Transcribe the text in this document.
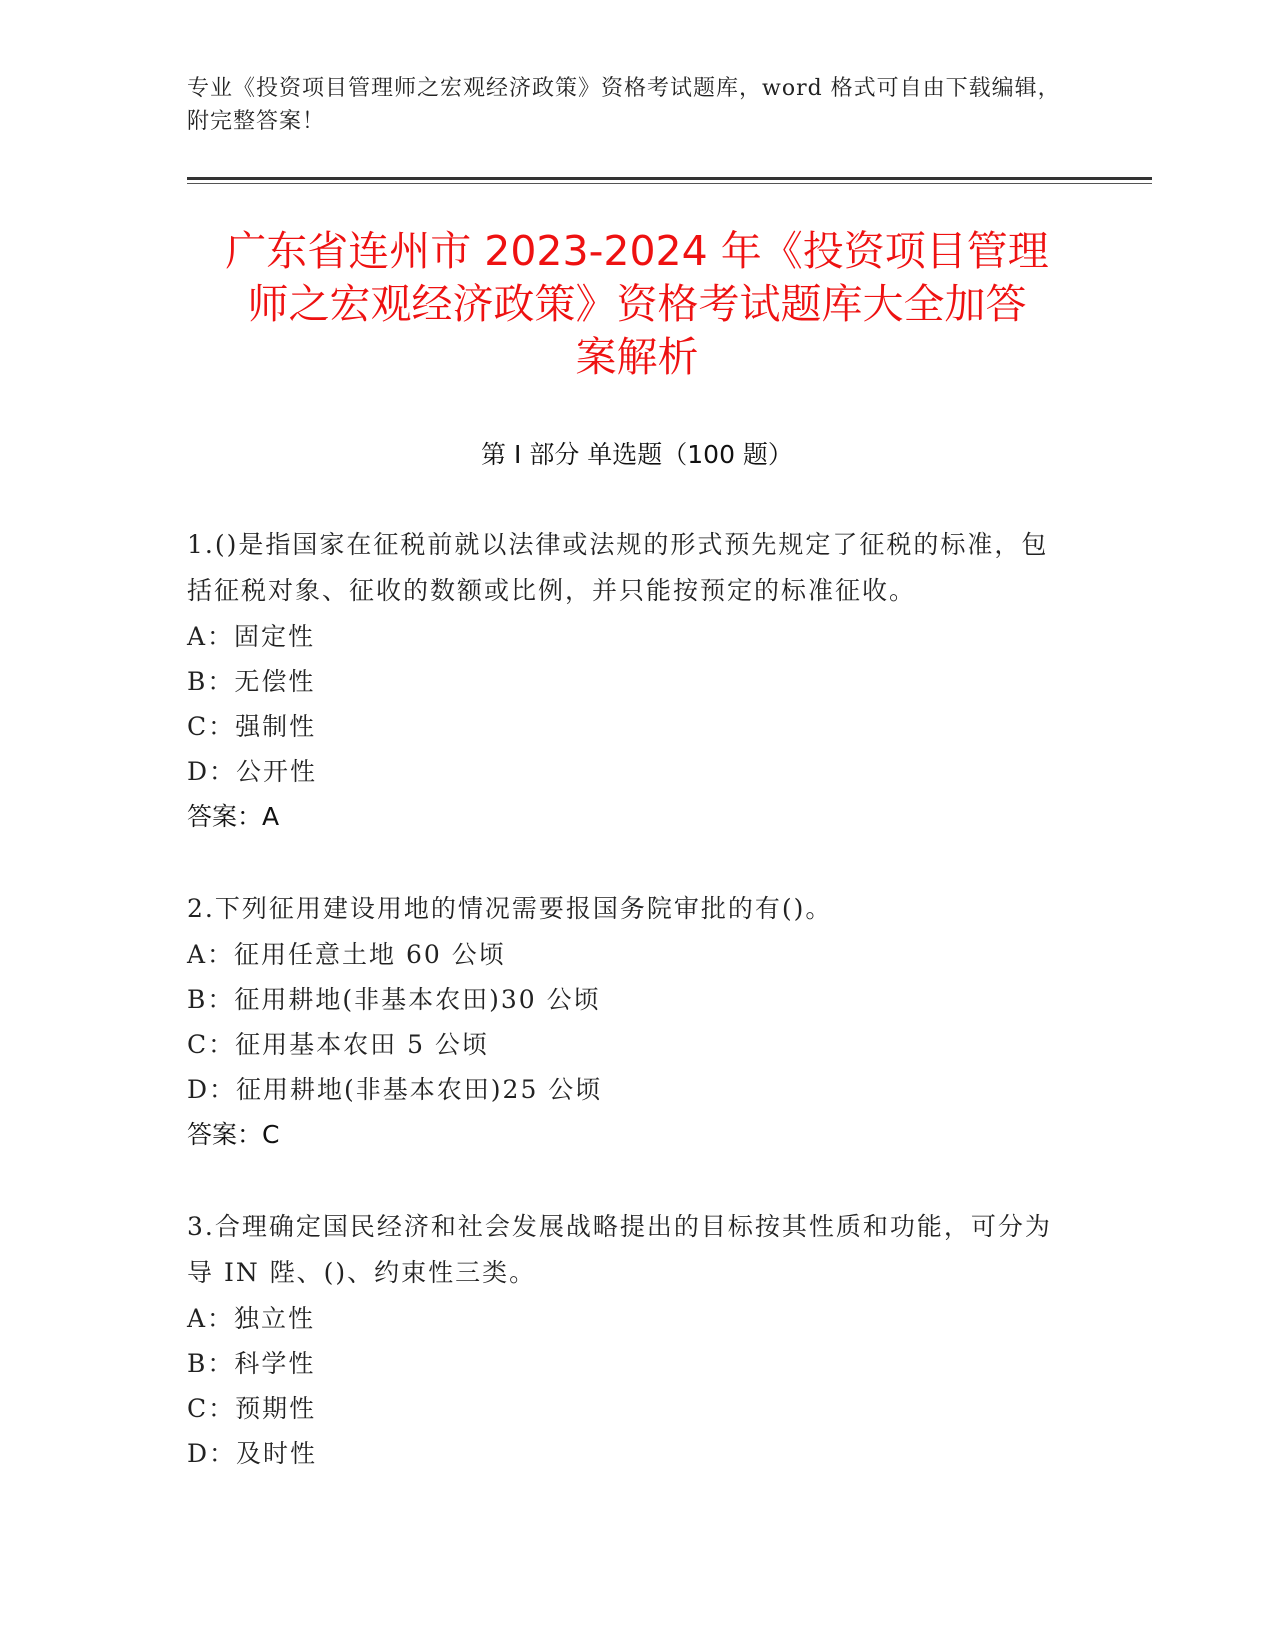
专业《投资项目管理师之宏观经济政策》资格考试题库，word 格式可自由下载编辑，附完整答案！
广东省连州市 2023-2024 年《投资项目管理
师之宏观经济政策》资格考试题库大全加答
案解析
第 I 部分 单选题（100 题）
1.()是指国家在征税前就以法律或法规的形式预先规定了征税的标准，包括征税对象、征收的数额或比例，并只能按预定的标准征收。
A：固定性
B：无偿性
C：强制性
D：公开性
答案：A
2.下列征用建设用地的情况需要报国务院审批的有()。
A：征用任意土地 60 公顷
B：征用耕地(非基本农田)30 公顷
C：征用基本农田 5 公顷
D：征用耕地(非基本农田)25 公顷
答案：C
3.合理确定国民经济和社会发展战略提出的目标按其性质和功能，可分为导 IN 陛、()、约束性三类。
A：独立性
B：科学性
C：预期性
D：及时性
